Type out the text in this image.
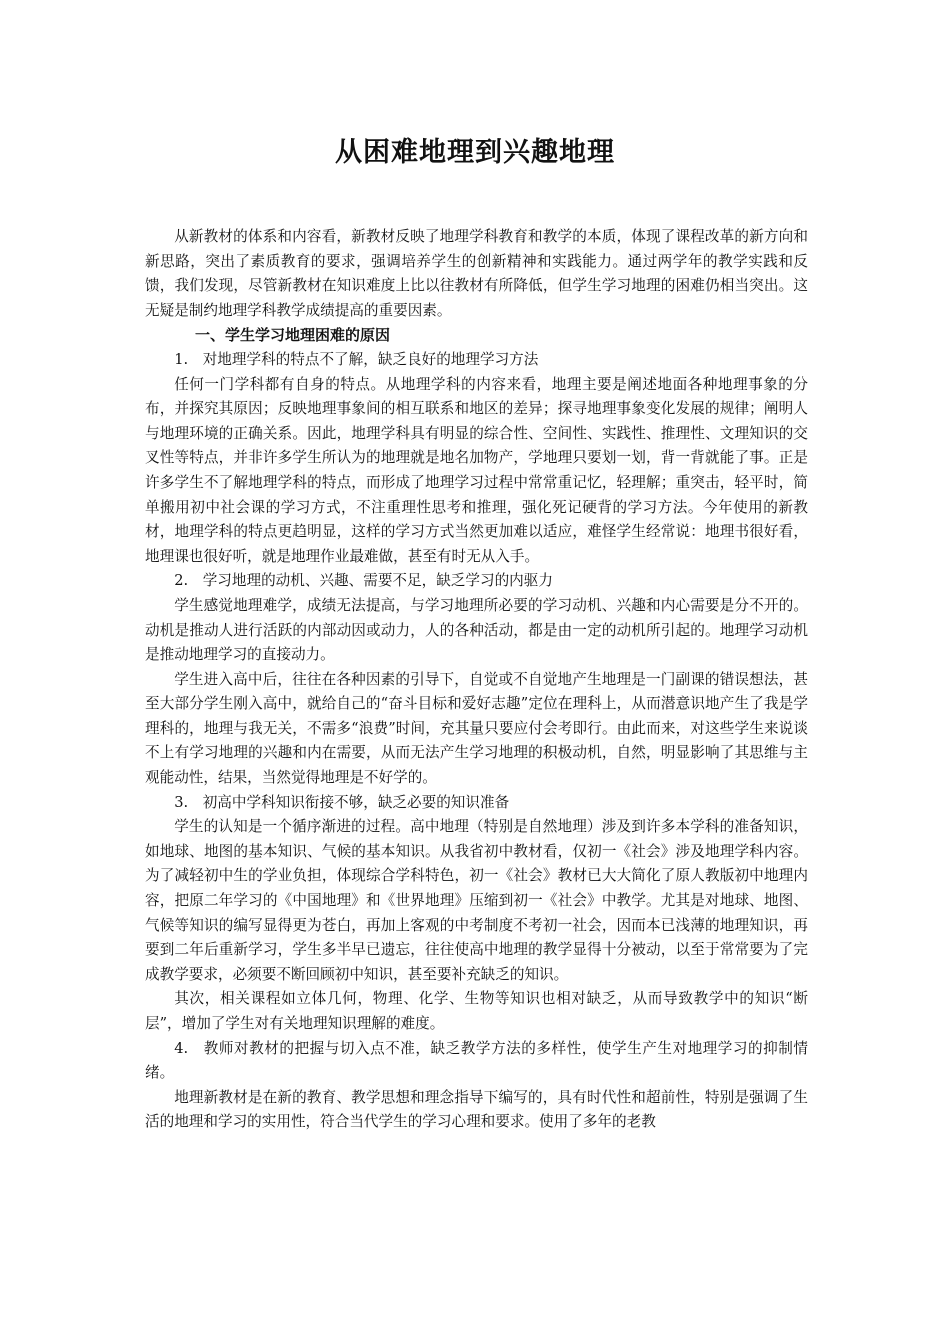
从困难地理到兴趣地理

从新教材的体系和内容看，新教材反映了地理学科教育和教学的本质，体现了课程改革的新方向和新思路，突出了素质教育的要求，强调培养学生的创新精神和实践能力。通过两学年的教学实践和反馈，我们发现，尽管新教材在知识难度上比以往教材有所降低，但学生学习地理的困难仍相当突出。这无疑是制约地理学科教学成绩提高的重要因素。

一、学生学习地理困难的原因

1.　对地理学科的特点不了解，缺乏良好的地理学习方法

任何一门学科都有自身的特点。从地理学科的内容来看，地理主要是阐述地面各种地理事象的分布，并探究其原因；反映地理事象间的相互联系和地区的差异；探寻地理事象变化发展的规律；阐明人与地理环境的正确关系。因此，地理学科具有明显的综合性、空间性、实践性、推理性、文理知识的交叉性等特点，并非许多学生所认为的地理就是地名加物产，学地理只要划一划，背一背就能了事。正是许多学生不了解地理学科的特点，而形成了地理学习过程中常常重记忆，轻理解；重突击，轻平时，简单搬用初中社会课的学习方式，不注重理性思考和推理，强化死记硬背的学习方法。今年使用的新教材，地理学科的特点更趋明显，这样的学习方式当然更加难以适应，难怪学生经常说：地理书很好看，地理课也很好听，就是地理作业最难做，甚至有时无从入手。

2.　学习地理的动机、兴趣、需要不足，缺乏学习的内驱力

学生感觉地理难学，成绩无法提高，与学习地理所必要的学习动机、兴趣和内心需要是分不开的。动机是推动人进行活跃的内部动因或动力，人的各种活动，都是由一定的动机所引起的。地理学习动机是推动地理学习的直接动力。

学生进入高中后，往往在各种因素的引导下，自觉或不自觉地产生地理是一门副课的错误想法，甚至大部分学生刚入高中，就给自己的“奋斗目标和爱好志趣”定位在理科上，从而潜意识地产生了我是学理科的，地理与我无关，不需多“浪费”时间，充其量只要应付会考即行。由此而来，对这些学生来说谈不上有学习地理的兴趣和内在需要，从而无法产生学习地理的积极动机，自然，明显影响了其思维与主观能动性，结果，当然觉得地理是不好学的。

3.　初高中学科知识衔接不够，缺乏必要的知识准备

学生的认知是一个循序渐进的过程。高中地理（特别是自然地理）涉及到许多本学科的准备知识，如地球、地图的基本知识、气候的基本知识。从我省初中教材看，仅初一《社会》涉及地理学科内容。为了减轻初中生的学业负担，体现综合学科特色，初一《社会》教材已大大简化了原人教版初中地理内容，把原二年学习的《中国地理》和《世界地理》压缩到初一《社会》中教学。尤其是对地球、地图、气候等知识的编写显得更为苍白，再加上客观的中考制度不考初一社会，因而本已浅薄的地理知识，再要到二年后重新学习，学生多半早已遗忘，往往使高中地理的教学显得十分被动，以至于常常要为了完成教学要求，必须要不断回顾初中知识，甚至要补充缺乏的知识。

其次，相关课程如立体几何，物理、化学、生物等知识也相对缺乏，从而导致教学中的知识“断层”，增加了学生对有关地理知识理解的难度。

4.　教师对教材的把握与切入点不准，缺乏教学方法的多样性，使学生产生对地理学习的抑制情绪。

地理新教材是在新的教育、教学思想和理念指导下编写的，具有时代性和超前性，特别是强调了生活的地理和学习的实用性，符合当代学生的学习心理和要求。使用了多年的老教
